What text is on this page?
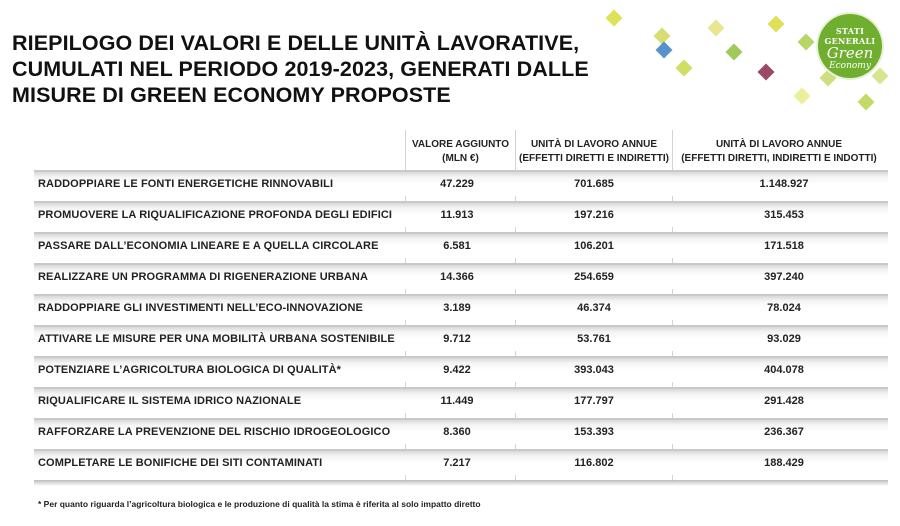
RIEPILOGO DEI VALORI E DELLE UNITÀ LAVORATIVE,
CUMULATI NEL PERIODO 2019-2023, GENERATI DALLE
MISURE DI GREEN ECONOMY PROPOSTE
STATI GENERALI
Green
Economy
VALORE AGGIUNTO
(MLN €)
UNITÀ DI LAVORO ANNUE
(EFFETTI DIRETTI E INDIRETTI)
UNITÀ DI LAVORO ANNUE
(EFFETTI DIRETTI, INDIRETTI E INDOTTI)
RADDOPPIARE LE FONTI ENERGETICHE RINNOVABILI	47.229	701.685	1.148.927
PROMUOVERE LA RIQUALIFICAZIONE PROFONDA DEGLI EDIFICI	11.913	197.216	315.453
PASSARE DALL’ECONOMIA LINEARE E A QUELLA CIRCOLARE	6.581	106.201	171.518
REALIZZARE UN PROGRAMMA DI RIGENERAZIONE URBANA	14.366	254.659	397.240
RADDOPPIARE GLI INVESTIMENTI NELL’ECO-INNOVAZIONE	3.189	46.374	78.024
ATTIVARE LE MISURE PER UNA MOBILITÀ URBANA SOSTENIBILE	9.712	53.761	93.029
POTENZIARE L’AGRICOLTURA BIOLOGICA DI QUALITÀ*	9.422	393.043	404.078
RIQUALIFICARE IL SISTEMA IDRICO NAZIONALE	11.449	177.797	291.428
RAFFORZARE LA PREVENZIONE DEL RISCHIO IDROGEOLOGICO	8.360	153.393	236.367
COMPLETARE LE BONIFICHE DEI SITI CONTAMINATI	7.217	116.802	188.429
* Per quanto riguarda l’agricoltura biologica e le produzione di qualità la stima è riferita al solo impatto diretto
